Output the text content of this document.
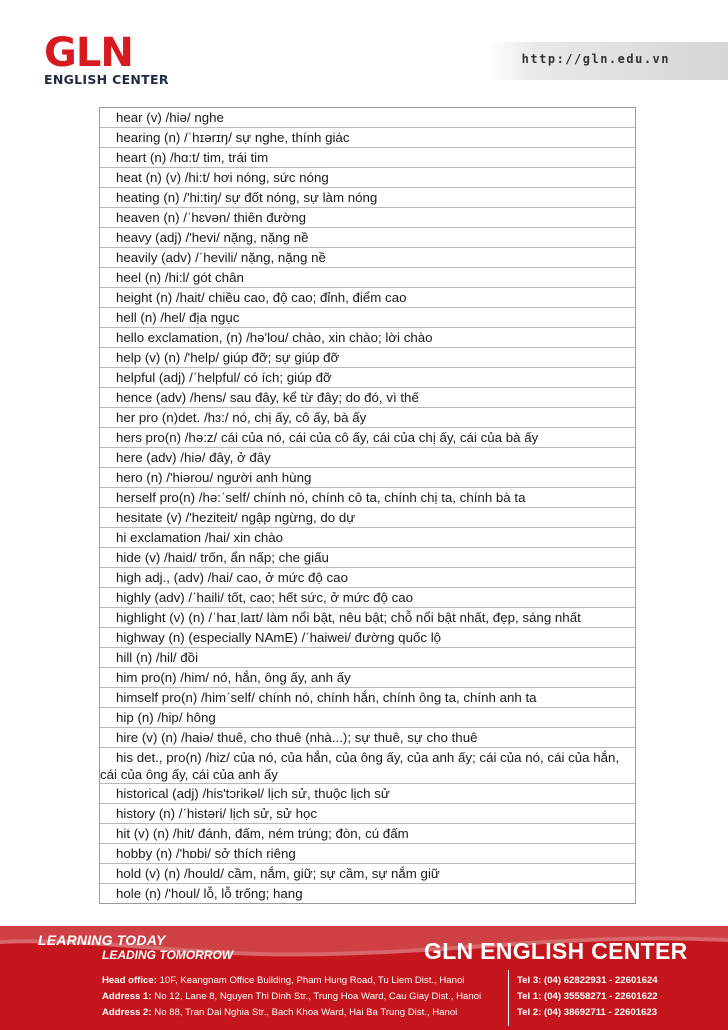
GLN
ENGLISH CENTER
http://gln.edu.vn
hear (v) /hiə/ nghe
hearing (n) /ˈhɪərɪŋ/ sự nghe, thính giác
heart (n) /hɑ:t/ tim, trái tim
heat (n) (v) /hi:t/ hơi nóng, sức nóng
heating (n) /'hi:tiŋ/ sự đốt nóng, sự làm nóng
heaven (n) /ˈhɛvən/ thiên đường
heavy (adj) /'hevi/ nặng, nặng nề
heavily (adv) /ˊhevili/ nặng, nặng nề
heel (n) /hi:l/ gót chân
height (n) /hait/ chiều cao, độ cao; đỉnh, điểm cao
hell (n) /hel/ địa ngục
hello exclamation, (n) /hə'lou/ chào, xin chào; lời chào
help (v) (n) /'help/ giúp đỡ; sự giúp đỡ
helpful (adj) /ˊhelpful/ có ích; giúp đỡ
hence (adv) /hens/ sau đây, kể từ đây; do đó, vì thế
her pro (n)det. /hɜ:/ nó, chị ấy, cô ấy, bà ấy
hers pro(n) /hə:z/ cái của nó, cái của cô ấy, cái của chị ấy, cái của bà ấy
here (adv) /hiə/ đây, ở đây
hero (n) /'hiərou/ người anh hùng
herself pro(n) /hə:ˊself/ chính nó, chính cô ta, chính chị ta, chính bà ta
hesitate (v) /'heziteit/ ngập ngừng, do dự
hi exclamation /hai/ xin chào
hide (v) /haid/ trốn, ẩn nấp; che giấu
high adj., (adv) /hai/ cao, ở mức độ cao
highly (adv) /ˊhaili/ tốt, cao; hết sức, ở mức độ cao
highlight (v) (n) /ˈhaɪˌlaɪt/ làm nổi bật, nêu bật; chỗ nổi bật nhất, đẹp, sáng nhất
highway (n) (especially NAmE) /ˊhaiwei/ đường quốc lộ
hill (n) /hil/ đồi
him pro(n) /him/ nó, hắn, ông ấy, anh ấy
himself pro(n) /himˊself/ chính nó, chính hắn, chính ông ta, chính anh ta
hip (n) /hip/ hông
hire (v) (n) /haiə/ thuê, cho thuê (nhà...); sự thuê, sự cho thuê
his det., pro(n) /hiz/ của nó, của hắn, của ông ấy, của anh ấy; cái của nó, cái của hắn, cái của ông ấy, cái của anh ấy
historical (adj) /his'tɔrikəl/ lịch sử, thuộc lịch sử
history (n) /ˊhistəri/ lịch sử, sử học
hit (v) (n) /hit/ đánh, đấm, ném trúng; đòn, cú đấm
hobby (n) /'hɒbi/ sở thích riêng
hold (v) (n) /hould/ cầm, nắm, giữ; sự cầm, sự nắm giữ
hole (n) /'houl/ lỗ, lỗ trống; hang
LEARNING TODAY
LEADING TOMORROW	GLN ENGLISH CENTER
Head office: 10F, Keangnam Office Building, Pham Hung Road, Tu Liem Dist., Hanoi
Address 1: No 12, Lane 8, Nguyen Thi Dinh Str., Trung Hoa Ward, Cau Giay Dist., Hanoi
Address 2: No 88, Tran Dai Nghia Str., Bach Khoa Ward, Hai Ba Trung Dist., Hanoi
Tel 3: (04) 62822931 - 22601624
Tel 1: (04) 35558271 - 22601622
Tel 2: (04) 38692711 - 22601623
